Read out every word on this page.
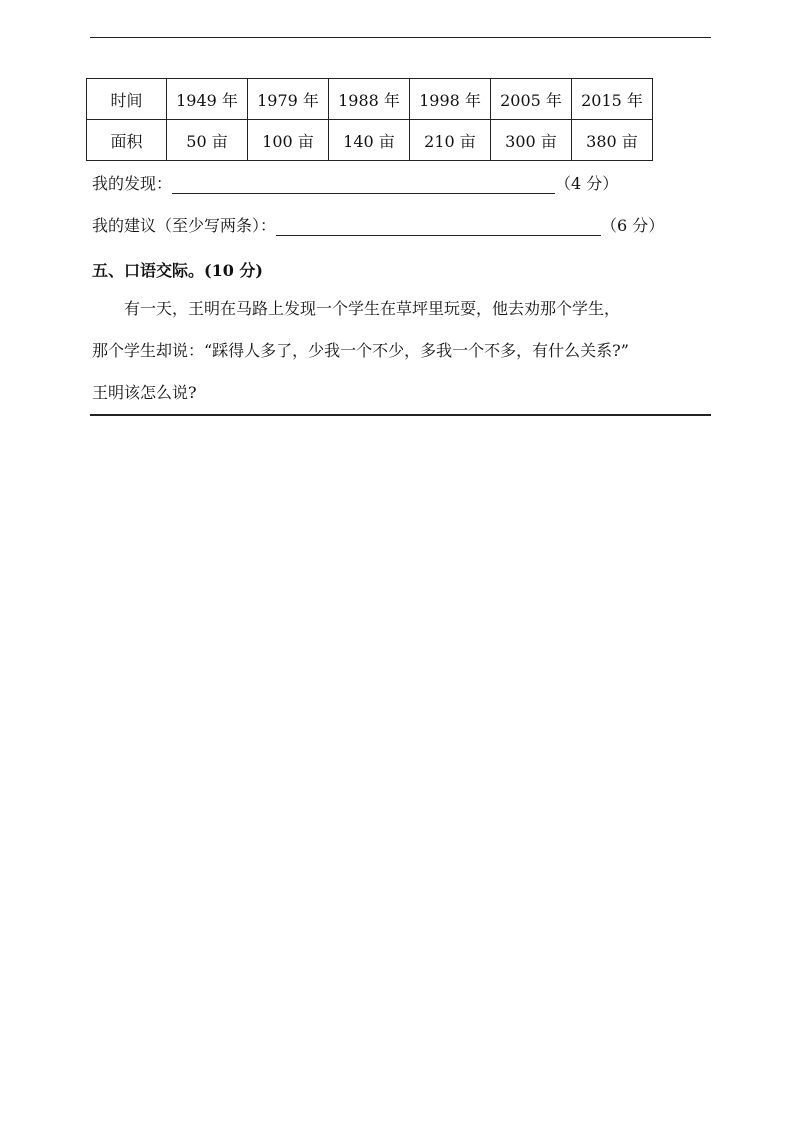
时间	1949 年	1979 年	1988 年	1998 年	2005 年	2015 年
面积	50 亩	100 亩	140 亩	210 亩	300 亩	380 亩
我的发现：	（4 分）
我的建议（至少写两条）：	（6 分）
五、口语交际。(10 分)
有一天，王明在马路上发现一个学生在草坪里玩耍，他去劝那个学生，
那个学生却说：“踩得人多了，少我一个不少，多我一个不多，有什么关系?”
王明该怎么说?
